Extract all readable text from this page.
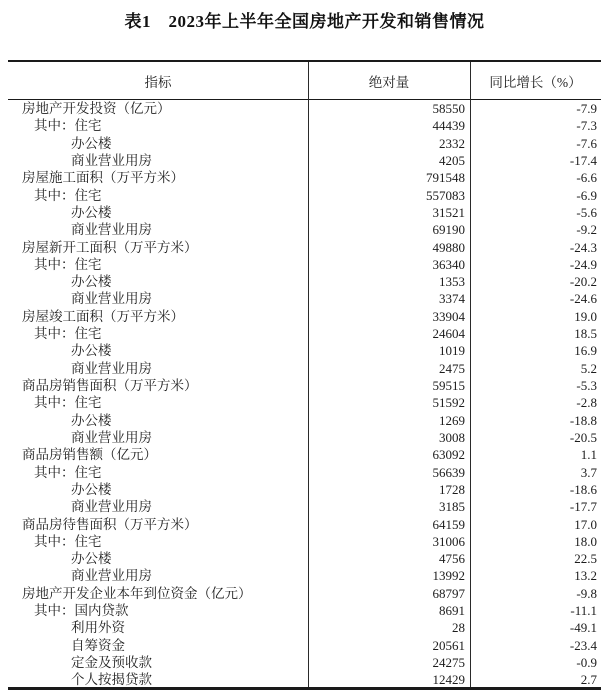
表1　2023年上半年全国房地产开发和销售情况
指标	绝对量	同比增长（%）
房地产开发投资（亿元）	58550	-7.9
其中：住宅	44439	-7.3
办公楼	2332	-7.6
商业营业用房	4205	-17.4
房屋施工面积（万平方米）	791548	-6.6
其中：住宅	557083	-6.9
办公楼	31521	-5.6
商业营业用房	69190	-9.2
房屋新开工面积（万平方米）	49880	-24.3
其中：住宅	36340	-24.9
办公楼	1353	-20.2
商业营业用房	3374	-24.6
房屋竣工面积（万平方米）	33904	19.0
其中：住宅	24604	18.5
办公楼	1019	16.9
商业营业用房	2475	5.2
商品房销售面积（万平方米）	59515	-5.3
其中：住宅	51592	-2.8
办公楼	1269	-18.8
商业营业用房	3008	-20.5
商品房销售额（亿元）	63092	1.1
其中：住宅	56639	3.7
办公楼	1728	-18.6
商业营业用房	3185	-17.7
商品房待售面积（万平方米）	64159	17.0
其中：住宅	31006	18.0
办公楼	4756	22.5
商业营业用房	13992	13.2
房地产开发企业本年到位资金（亿元）	68797	-9.8
其中：国内贷款	8691	-11.1
利用外资	28	-49.1
自筹资金	20561	-23.4
定金及预收款	24275	-0.9
个人按揭贷款	12429	2.7
